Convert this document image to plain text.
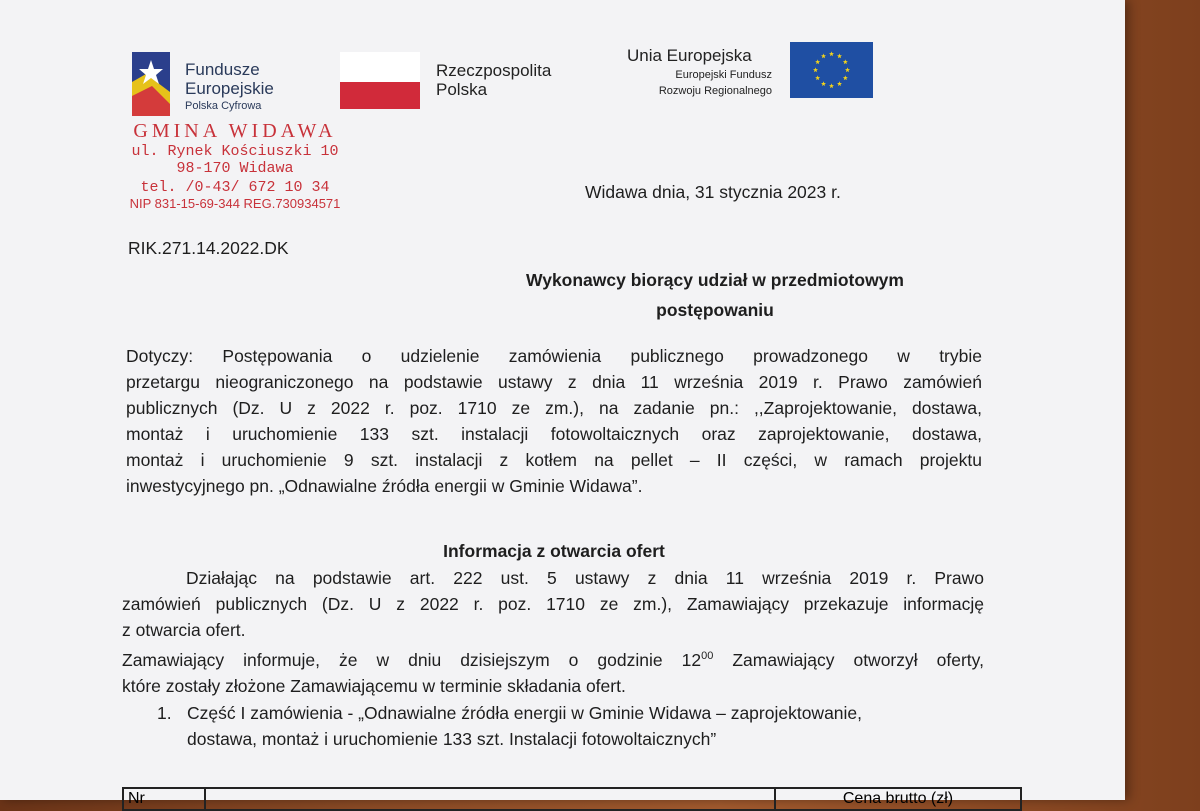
Fundusze
Europejskie
Polska Cyfrowa
Rzeczpospolita
Polska
Unia Europejska
Europejski Fundusz
Rozwoju Regionalnego
GMINA WIDAWA
ul. Rynek Kościuszki 10
98-170 Widawa
tel. /0-43/ 672 10 34
NIP 831-15-69-344 REG.730934571
Widawa dnia, 31 stycznia 2023 r.
RIK.271.14.2022.DK
Wykonawcy biorący udział w przedmiotowym
postępowaniu
Dotyczy: Postępowania o udzielenie zamówienia publicznego prowadzonego w trybie
przetargu nieograniczonego na podstawie ustawy z dnia 11 września 2019 r. Prawo zamówień
publicznych (Dz. U z 2022 r. poz. 1710 ze zm.), na zadanie pn.: ,,Zaprojektowanie, dostawa,
montaż i uruchomienie 133 szt. instalacji fotowoltaicznych oraz zaprojektowanie, dostawa,
montaż i uruchomienie 9 szt. instalacji z kotłem na pellet – II części, w ramach projektu
inwestycyjnego pn. „Odnawialne źródła energii w Gminie Widawa”.
Informacja z otwarcia ofert
Działając na podstawie art. 222 ust. 5 ustawy z dnia 11 września 2019 r. Prawo
zamówień publicznych (Dz. U z 2022 r. poz. 1710 ze zm.), Zamawiający przekazuje informację
z otwarcia ofert.
Zamawiający informuje, że w dniu dzisiejszym o godzinie $12^{00}$ Zamawiający otworzył oferty,
które zostały złożone Zamawiającemu w terminie składania ofert.
1. Część I zamówienia - „Odnawialne źródła energii w Gminie Widawa – zaprojektowanie,
dostawa, montaż i uruchomienie 133 szt. Instalacji fotowoltaicznych”
Nr		Cena brutto (zł)
